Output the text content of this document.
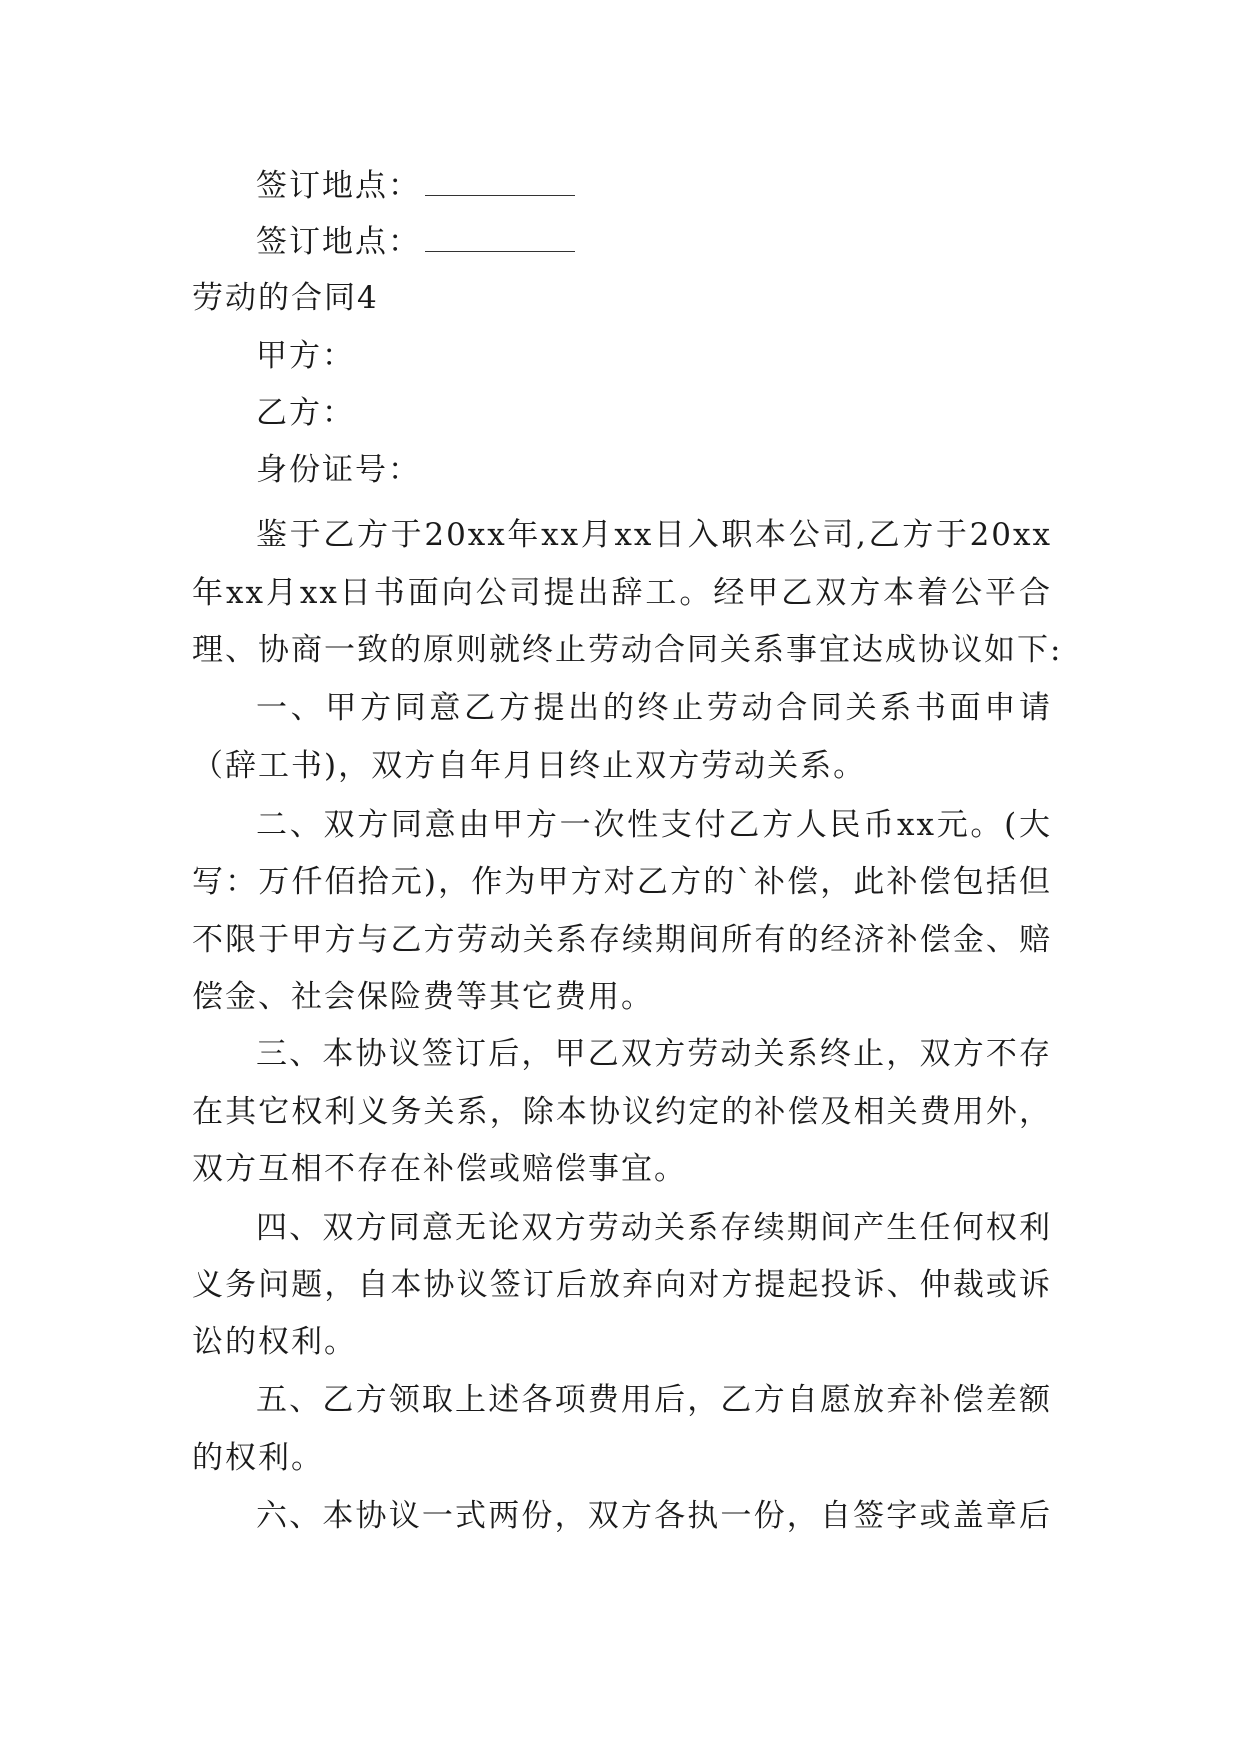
签订地点：
签订地点：
劳动的合同4
甲方：
乙方：
身份证号：
鉴于乙方于20xx年xx月xx日入职本公司,乙方于20xx
年xx月xx日书面向公司提出辞工。经甲乙双方本着公平合
理、协商一致的原则就终止劳动合同关系事宜达成协议如下:
一、甲方同意乙方提出的终止劳动合同关系书面申请
（辞工书)，双方自年月日终止双方劳动关系。
二、双方同意由甲方一次性支付乙方人民币xx元。(大
写：万仟佰拾元)，作为甲方对乙方的`补偿，此补偿包括但
不限于甲方与乙方劳动关系存续期间所有的经济补偿金、赔
偿金、社会保险费等其它费用。
三、本协议签订后，甲乙双方劳动关系终止，双方不存
在其它权利义务关系，除本协议约定的补偿及相关费用外，
双方互相不存在补偿或赔偿事宜。
四、双方同意无论双方劳动关系存续期间产生任何权利
义务问题，自本协议签订后放弃向对方提起投诉、仲裁或诉
讼的权利。
五、乙方领取上述各项费用后，乙方自愿放弃补偿差额
的权利。
六、本协议一式两份，双方各执一份，自签字或盖章后
